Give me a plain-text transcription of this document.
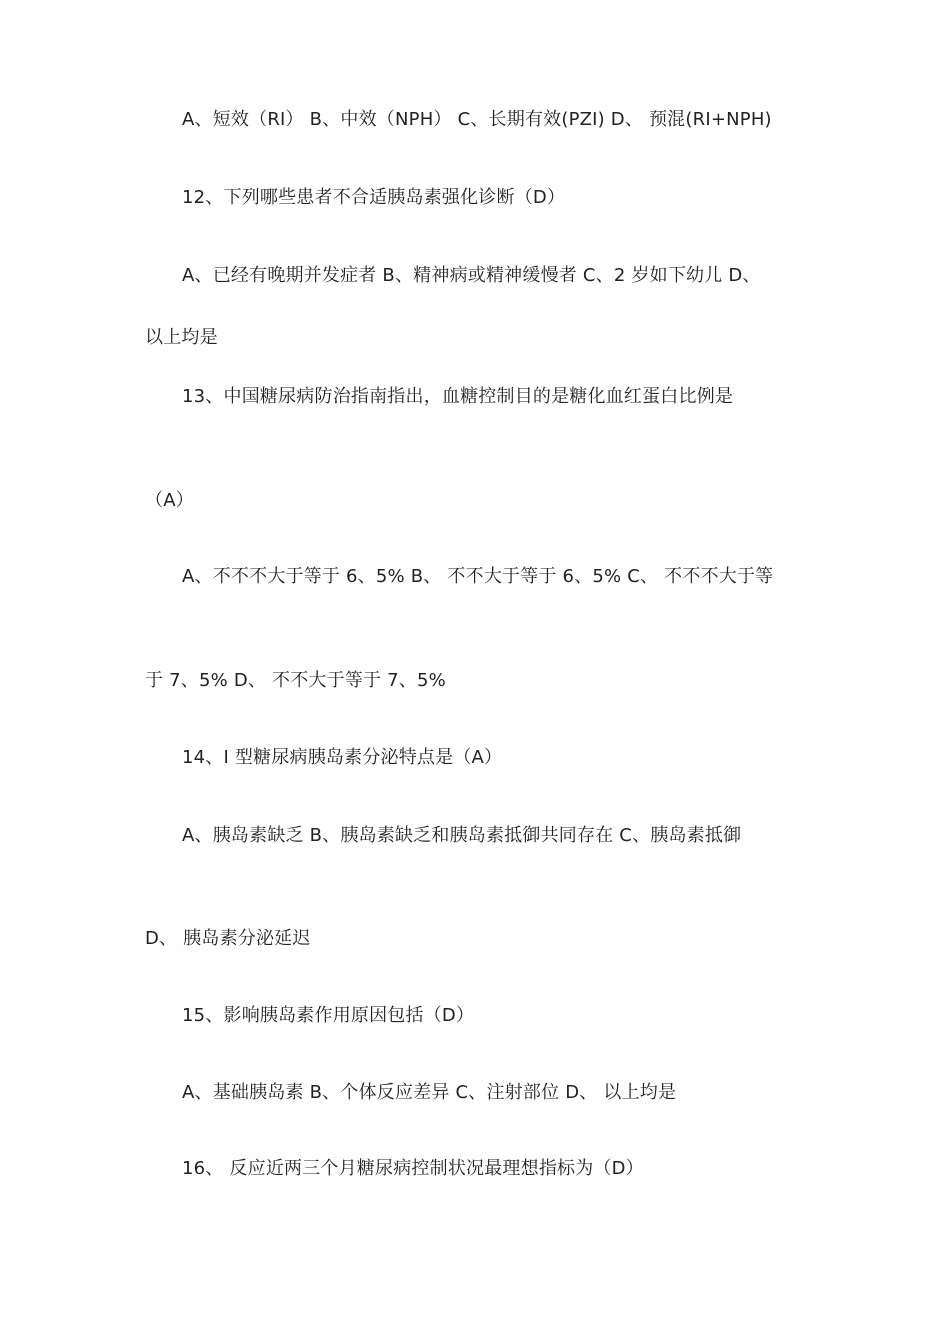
A、短效（RI） B、中效（NPH） C、长期有效(PZI) D、 预混(RI+NPH)
12、下列哪些患者不合适胰岛素强化诊断（D）
A、已经有晚期并发症者 B、精神病或精神缓慢者 C、2 岁如下幼儿 D、
以上均是
13、中国糖尿病防治指南指出，血糖控制目的是糖化血红蛋白比例是
（A）
A、不不不大于等于 6、5% B、 不不大于等于 6、5% C、 不不不大于等
于 7、5% D、 不不大于等于 7、5%
14、I 型糖尿病胰岛素分泌特点是（A）
A、胰岛素缺乏 B、胰岛素缺乏和胰岛素抵御共同存在 C、胰岛素抵御
D、 胰岛素分泌延迟
15、影响胰岛素作用原因包括（D）
A、基础胰岛素 B、个体反应差异 C、注射部位 D、 以上均是
16、 反应近两三个月糖尿病控制状况最理想指标为（D）
